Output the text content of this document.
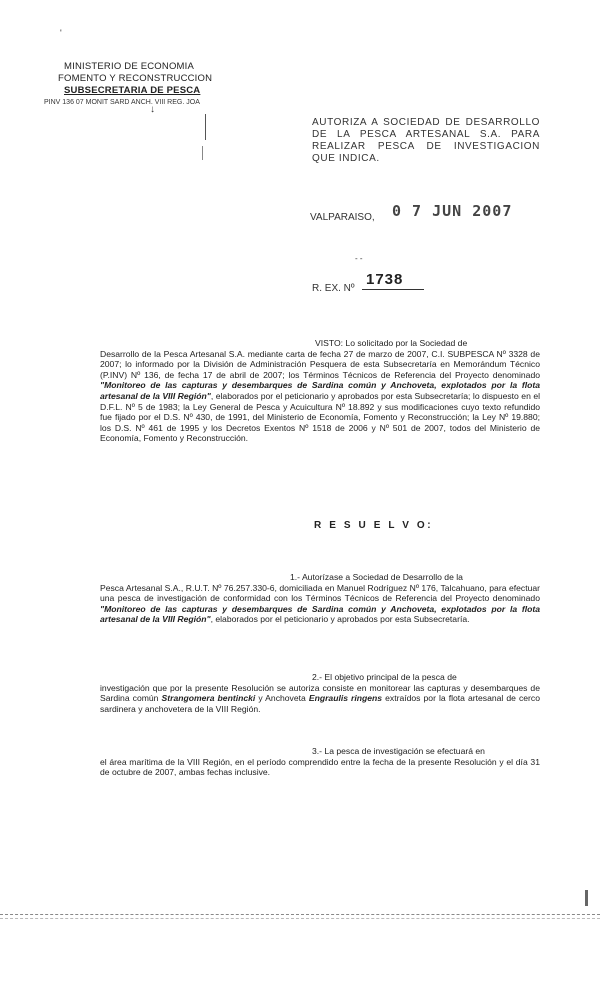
'
MINISTERIO DE ECONOMIA
FOMENTO Y RECONSTRUCCION
SUBSECRETARIA DE PESCA
PINV 136 07 MONIT SARD ANCH. VIII REG. JOA
↓
AUTORIZA A SOCIEDAD DE DESARROLLO DE LA PESCA ARTESANAL S.A. PARA REALIZAR PESCA DE INVESTIGACION QUE INDICA.
VALPARAISO, 0 7 JUN 2007
- -
R. EX. Nº
1738
VISTO: Lo solicitado por la Sociedad de
Desarrollo de la Pesca Artesanal S.A. mediante carta de fecha 27 de marzo de 2007, C.I. SUBPESCA Nº 3328 de 2007; lo informado por la División de Administración Pesquera de esta Subsecretaría en Memorándum Técnico (P.INV) Nº 136, de fecha 17 de abril de 2007; los Términos Técnicos de Referencia del Proyecto denominado "Monitoreo de las capturas y desembarques de Sardina común y Anchoveta, explotados por la flota artesanal de la VIII Región", elaborados por el peticionario y aprobados por esta Subsecretaría; lo dispuesto en el D.F.L. Nº 5 de 1983; la Ley General de Pesca y Acuicultura Nº 18.892 y sus modificaciones cuyo texto refundido fue fijado por el D.S. Nº 430, de 1991, del Ministerio de Economía, Fomento y Reconstrucción; la Ley Nº 19.880; los D.S. Nº 461 de 1995 y los Decretos Exentos Nº 1518 de 2006 y Nº 501 de 2007, todos del Ministerio de Economía, Fomento y Reconstrucción.
R E S U E L V O:
1.- Autorízase a Sociedad de Desarrollo de la
Pesca Artesanal S.A., R.U.T. Nº 76.257.330-6, domiciliada en Manuel Rodríguez Nº 176, Talcahuano, para efectuar una pesca de investigación de conformidad con los Términos Técnicos de Referencia del Proyecto denominado "Monitoreo de las capturas y desembarques de Sardina común y Anchoveta, explotados por la flota artesanal de la VIII Región", elaborados por el peticionario y aprobados por esta Subsecretaría.
2.- El objetivo principal de la pesca de
investigación que por la presente Resolución se autoriza consiste en monitorear las capturas y desembarques de Sardina común Strangomera bentincki y Anchoveta Engraulis ringens extraídos por la flota artesanal de cerco sardinera y anchovetera de la VIII Región.
3.- La pesca de investigación se efectuará en
el área marítima de la VIII Región, en el período comprendido entre la fecha de la presente Resolución y el día 31 de octubre de 2007, ambas fechas inclusive.
